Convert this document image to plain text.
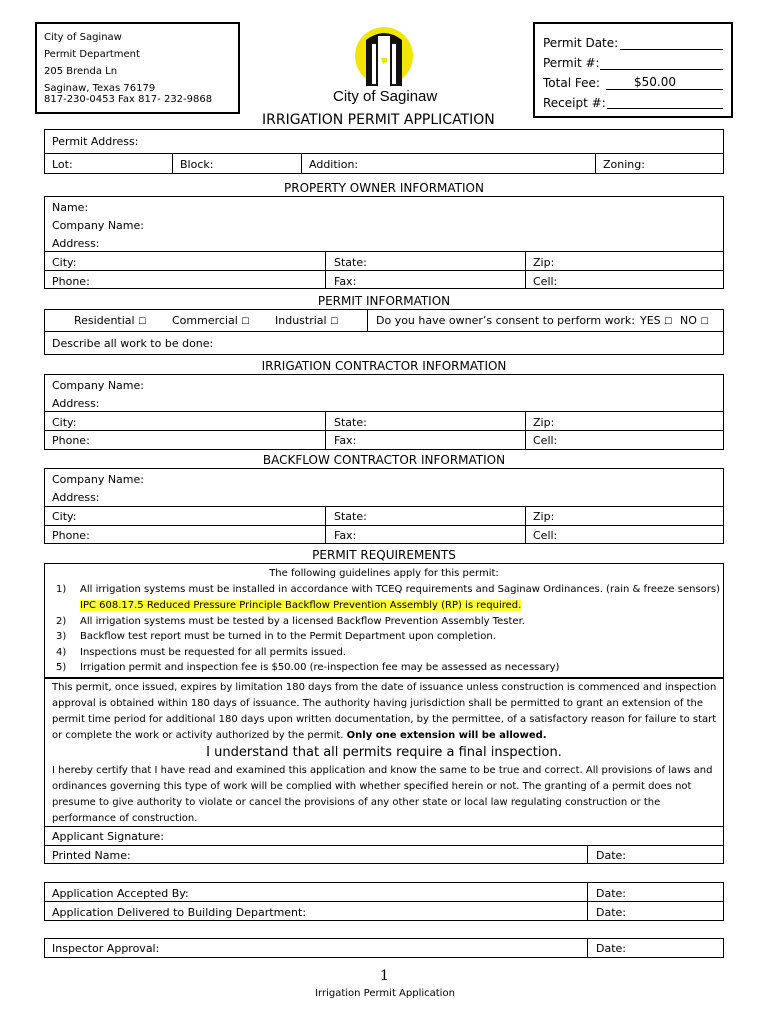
City of Saginaw
Permit Department
205 Brenda Ln
Saginaw, Texas 76179
817-230-0453 Fax 817- 232-9868	City of Saginaw
Permit Date:
Permit #:
Total Fee:	$50.00
Receipt #:
IRRIGATION PERMIT APPLICATION
Permit Address:
Lot:	Block:	Addition:	Zoning:
PROPERTY OWNER INFORMATION
Name:
Company Name:
Address:
City:	State:	Zip:
Phone:	Fax:	Cell:
PERMIT INFORMATION
Residential ☐ Commercial ☐ Industrial ☐	Do you have owner’s consent to perform work: YES ☐ NO ☐
Describe all work to be done:
IRRIGATION CONTRACTOR INFORMATION
Company Name:
Address:
City:	State:	Zip:
Phone:	Fax:	Cell:
BACKFLOW CONTRACTOR INFORMATION
Company Name:
Address:
City:	State:	Zip:
Phone:	Fax:	Cell:
PERMIT REQUIREMENTS
The following guidelines apply for this permit:
1) All irrigation systems must be installed in accordance with TCEQ requirements and Saginaw Ordinances. (rain & freeze sensors)
IPC 608.17.5 Reduced Pressure Principle Backflow Prevention Assembly (RP) is required.
2) All irrigation systems must be tested by a licensed Backflow Prevention Assembly Tester.
3) Backflow test report must be turned in to the Permit Department upon completion.
4) Inspections must be requested for all permits issued.
5) Irrigation permit and inspection fee is $50.00 (re-inspection fee may be assessed as necessary)
This permit, once issued, expires by limitation 180 days from the date of issuance unless construction is commenced and inspection approval is obtained within 180 days of issuance. The authority having jurisdiction shall be permitted to grant an extension of the permit time period for additional 180 days upon written documentation, by the permittee, of a satisfactory reason for failure to start or complete the work or activity authorized by the permit. Only one extension will be allowed.
I understand that all permits require a final inspection.
I hereby certify that I have read and examined this application and know the same to be true and correct. All provisions of laws and ordinances governing this type of work will be complied with whether specified herein or not. The granting of a permit does not presume to give authority to violate or cancel the provisions of any other state or local law regulating construction or the performance of construction.
Applicant Signature:
Printed Name:	Date:
Application Accepted By:	Date:
Application Delivered to Building Department:	Date:
Inspector Approval:	Date:
1
Irrigation Permit Application
